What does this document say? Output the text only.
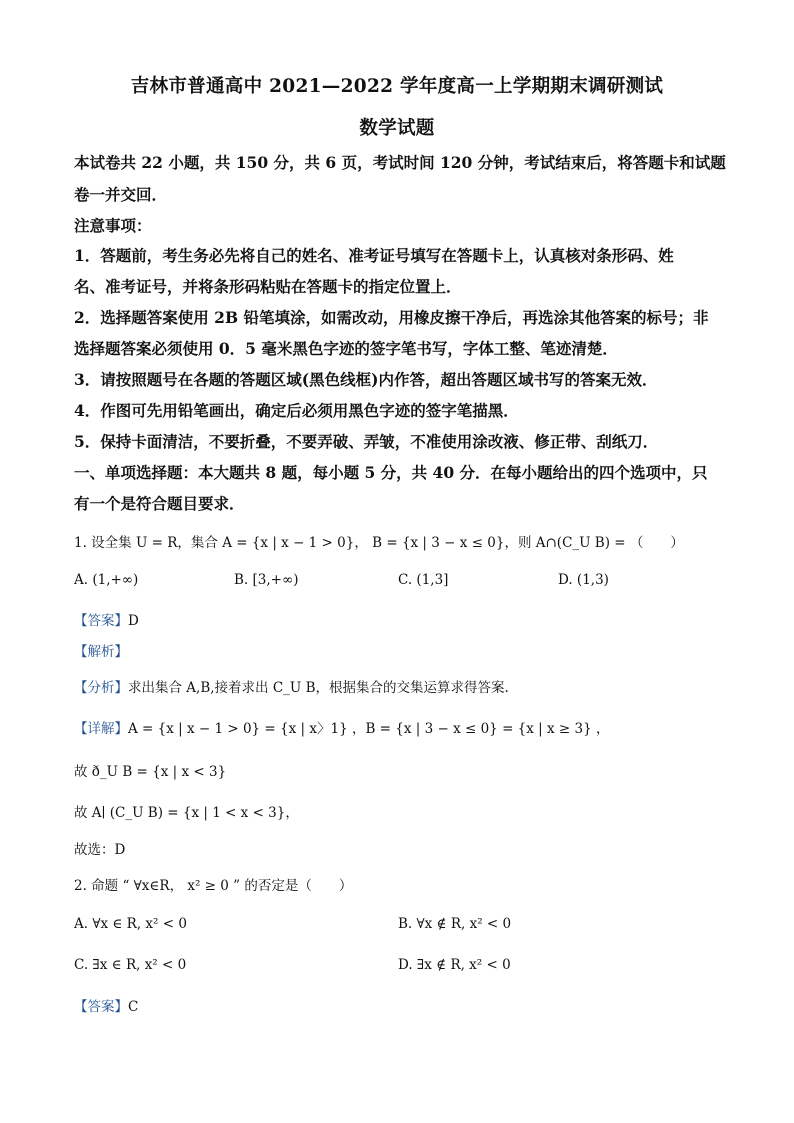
吉林市普通高中 2021—2022 学年度高一上学期期末调研测试
数学试题
本试卷共 22 小题，共 150 分，共 6 页，考试时间 120 分钟，考试结束后，将答题卡和试题
卷一并交回．
注意事项：
1．答题前，考生务必先将自己的姓名、准考证号填写在答题卡上，认真核对条形码、姓
名、准考证号，并将条形码粘贴在答题卡的指定位置上．
2．选择题答案使用 2B 铅笔填涂，如需改动，用橡皮擦干净后，再选涂其他答案的标号；非
选择题答案必须使用 0．5 毫米黑色字迹的签字笔书写，字体工整、笔迹清楚．
3．请按照题号在各题的答题区域(黑色线框)内作答，超出答题区域书写的答案无效．
4．作图可先用铅笔画出，确定后必须用黑色字迹的签字笔描黑．
5．保持卡面清洁，不要折叠，不要弄破、弄皱，不准使用涂改液、修正带、刮纸刀．
一、单项选择题：本大题共 8 题，每小题 5 分，共 40 分．在每小题给出的四个选项中，只
有一个是符合题目要求．
1. 设全集 U = R，集合 A = {x | x − 1 > 0}， B = {x | 3 − x ≤ 0}，则 A∩(C_U B) = （　　）
A. (1,+∞)	B. [3,+∞)	C. (1,3]	D. (1,3)
【答案】D
【解析】
【分析】求出集合 A,B,接着求出 C_U B，根据集合的交集运算求得答案.
【详解】A = {x | x − 1 > 0} = {x | x〉1} ，B = {x | 3 − x ≤ 0} = {x | x ≥ 3} ，
故 ð_U B = {x | x < 3}
故 A∣ (C_U B) = {x | 1 < x < 3}，
故选：D
2. 命题 “ ∀x∈R， x² ≥ 0 ” 的否定是（　　）
A. ∀x ∈ R, x² < 0	B. ∀x ∉ R, x² < 0
C. ∃x ∈ R, x² < 0	D. ∃x ∉ R, x² < 0
【答案】C
